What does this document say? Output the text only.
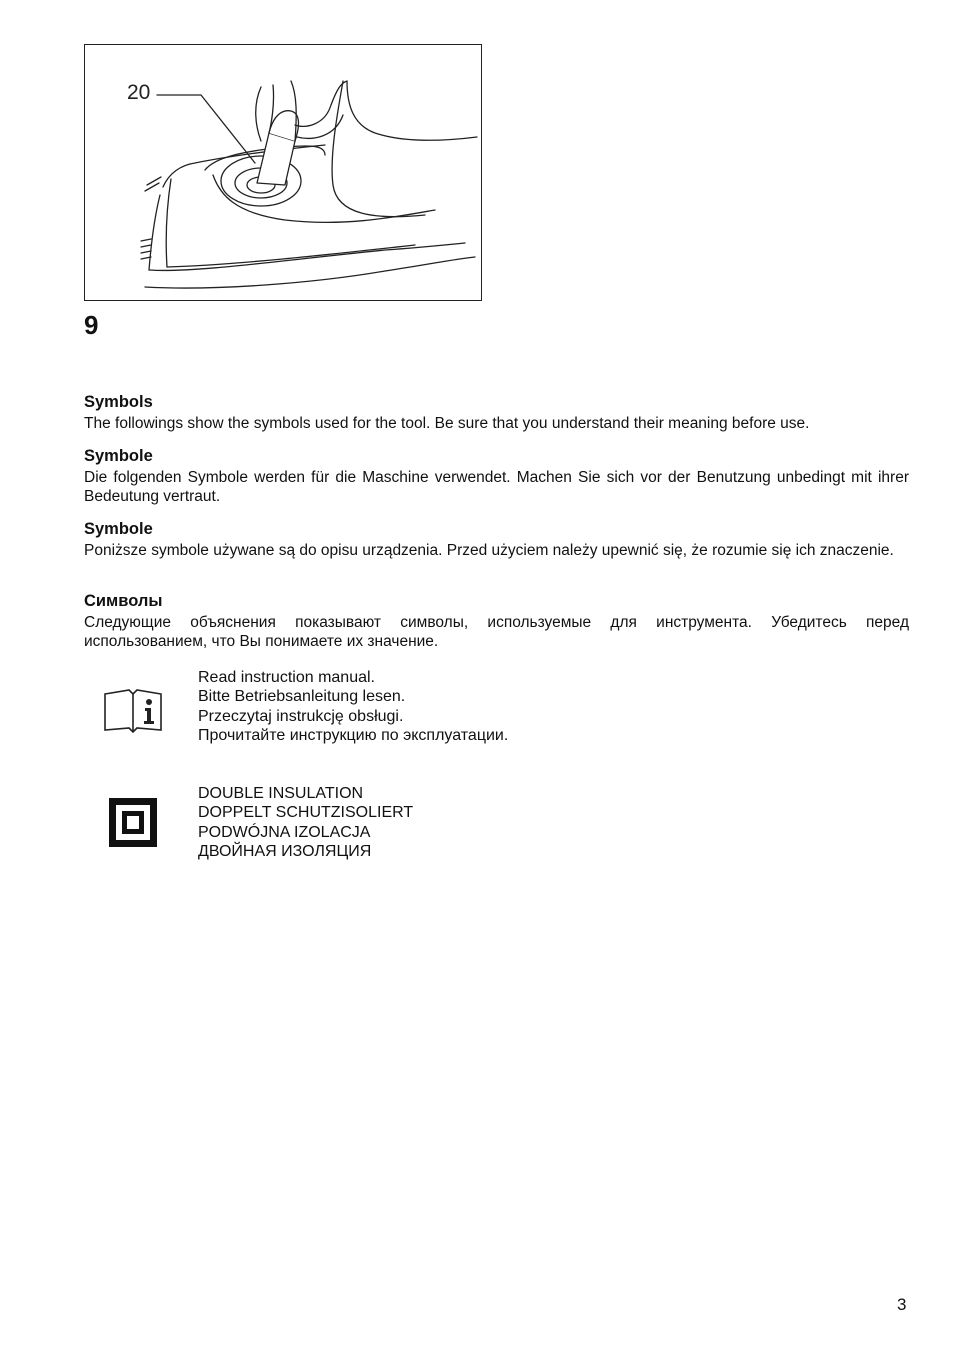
20
9
Symbols

The followings show the symbols used for the tool. Be sure that you understand their meaning before use.

Symbole

Die folgenden Symbole werden für die Maschine verwendet. Machen Sie sich vor der Benutzung unbedingt mit ihrer Bedeutung vertraut.

Symbole

Poniższe symbole używane są do opisu urządzenia. Przed użyciem należy upewnić się, że rozumie się ich znaczenie.

Символы

Следующие объяснения показывают символы, используемые для инструмента. Убедитесь перед использованием, что Вы понимаете их значение.

Read instruction manual.
Bitte Betriebsanleitung lesen.
Przeczytaj instrukcję obsługi.
Прочитайте инструкцию по эксплуатации.
DOUBLE INSULATION
DOPPELT SCHUTZISOLIERT
PODWÓJNA IZOLACJA
ДВОЙНАЯ ИЗОЛЯЦИЯ
3
